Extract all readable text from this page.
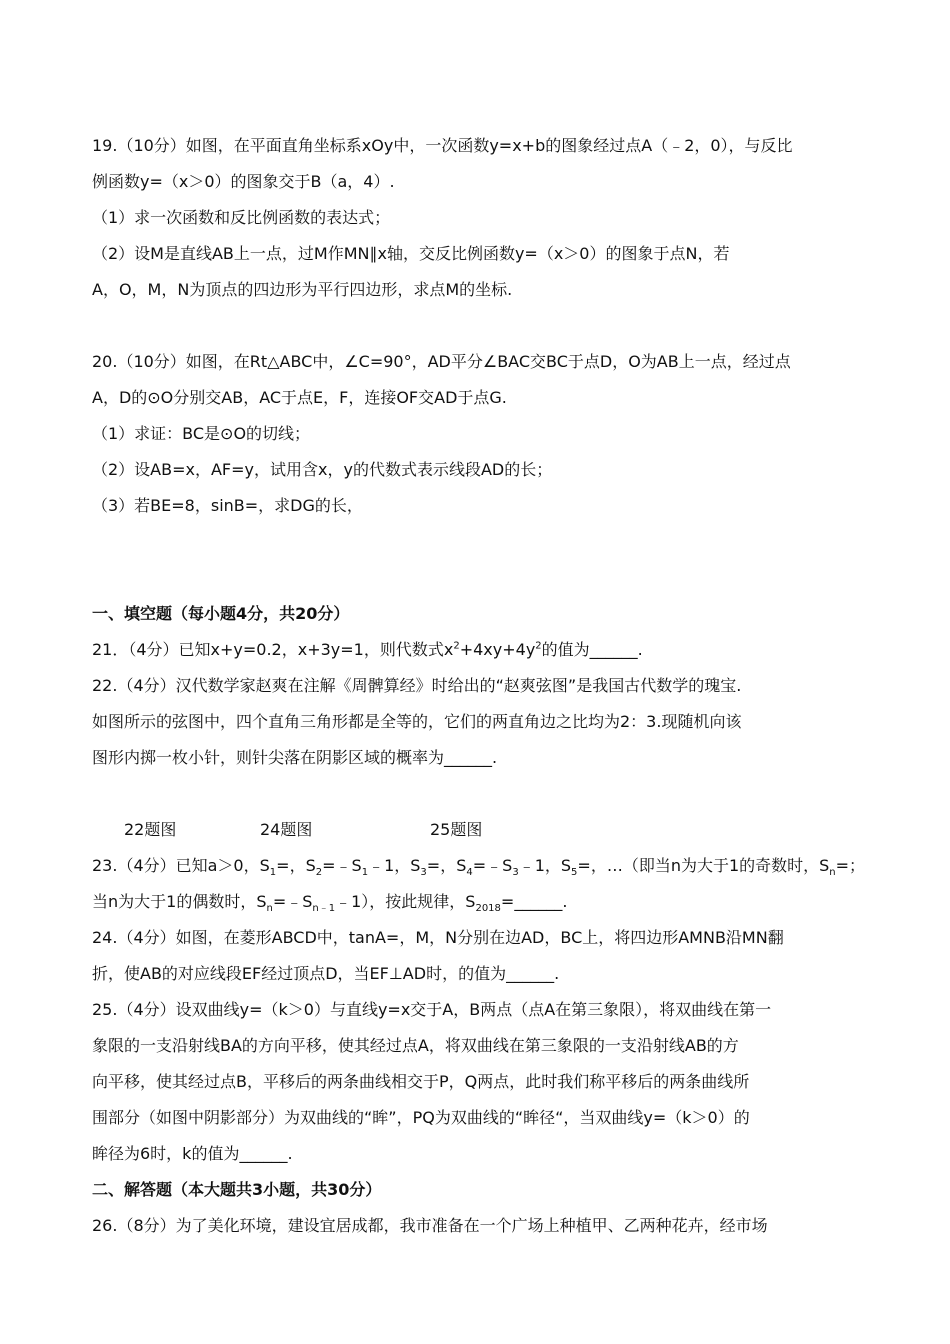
19.（10分）如图，在平面直角坐标系xOy中，一次函数y=x+b的图象经过点A（﹣2，0），与反比
例函数y=（x＞0）的图象交于B（a，4）.
（1）求一次函数和反比例函数的表达式；
（2）设M是直线AB上一点，过M作MN∥x轴，交反比例函数y=（x＞0）的图象于点N，若
A，O，M，N为顶点的四边形为平行四边形，求点M的坐标.
20.（10分）如图，在Rt△ABC中，∠C=90°，AD平分∠BAC交BC于点D，O为AB上一点，经过点
A，D的⊙O分别交AB，AC于点E，F，连接OF交AD于点G.
（1）求证：BC是⊙O的切线；
（2）设AB=x，AF=y，试用含x，y的代数式表示线段AD的长；
（3）若BE=8，sinB=，求DG的长，
一、填空题（每小题4分，共20分）
21．（4分）已知x+y=0.2，x+3y=1，则代数式$x^2+4xy+4y^2$的值为______.
22.（4分）汉代数学家赵爽在注解《周髀算经》时给出的“赵爽弦图”是我国古代数学的瑰宝.
如图所示的弦图中，四个直角三角形都是全等的，它们的两直角边之比均为2：3.现随机向该
图形内掷一枚小针，则针尖落在阴影区域的概率为______.
22题图	24题图	25题图
23.（4分）已知a＞0，$S_1=$，$S_2=﹣S_1﹣1$，$S_3=$，$S_4=﹣S_3﹣1$，$S_5=$，…（即当n为大于1的奇数时，$S_n=$；
当n为大于1的偶数时，$S_n=﹣S_{n﹣1}﹣1$），按此规律，$S_{2018}=\_\_\_\_\_\_$.
24.（4分）如图，在菱形ABCD中，tanA=，M，N分别在边AD，BC上，将四边形AMNB沿MN翻
折，使AB的对应线段EF经过顶点D，当EF⊥AD时，的值为______.
25.（4分）设双曲线y=（k＞0）与直线y=x交于A，B两点（点A在第三象限），将双曲线在第一
象限的一支沿射线BA的方向平移，使其经过点A，将双曲线在第三象限的一支沿射线AB的方
向平移，使其经过点B，平移后的两条曲线相交于P，Q两点，此时我们称平移后的两条曲线所
围部分（如图中阴影部分）为双曲线的“眸”，PQ为双曲线的“眸径“，当双曲线y=（k＞0）的
眸径为6时，k的值为______.
二、解答题（本大题共3小题，共30分）
26.（8分）为了美化环境，建设宜居成都，我市准备在一个广场上种植甲、乙两种花卉，经市场
